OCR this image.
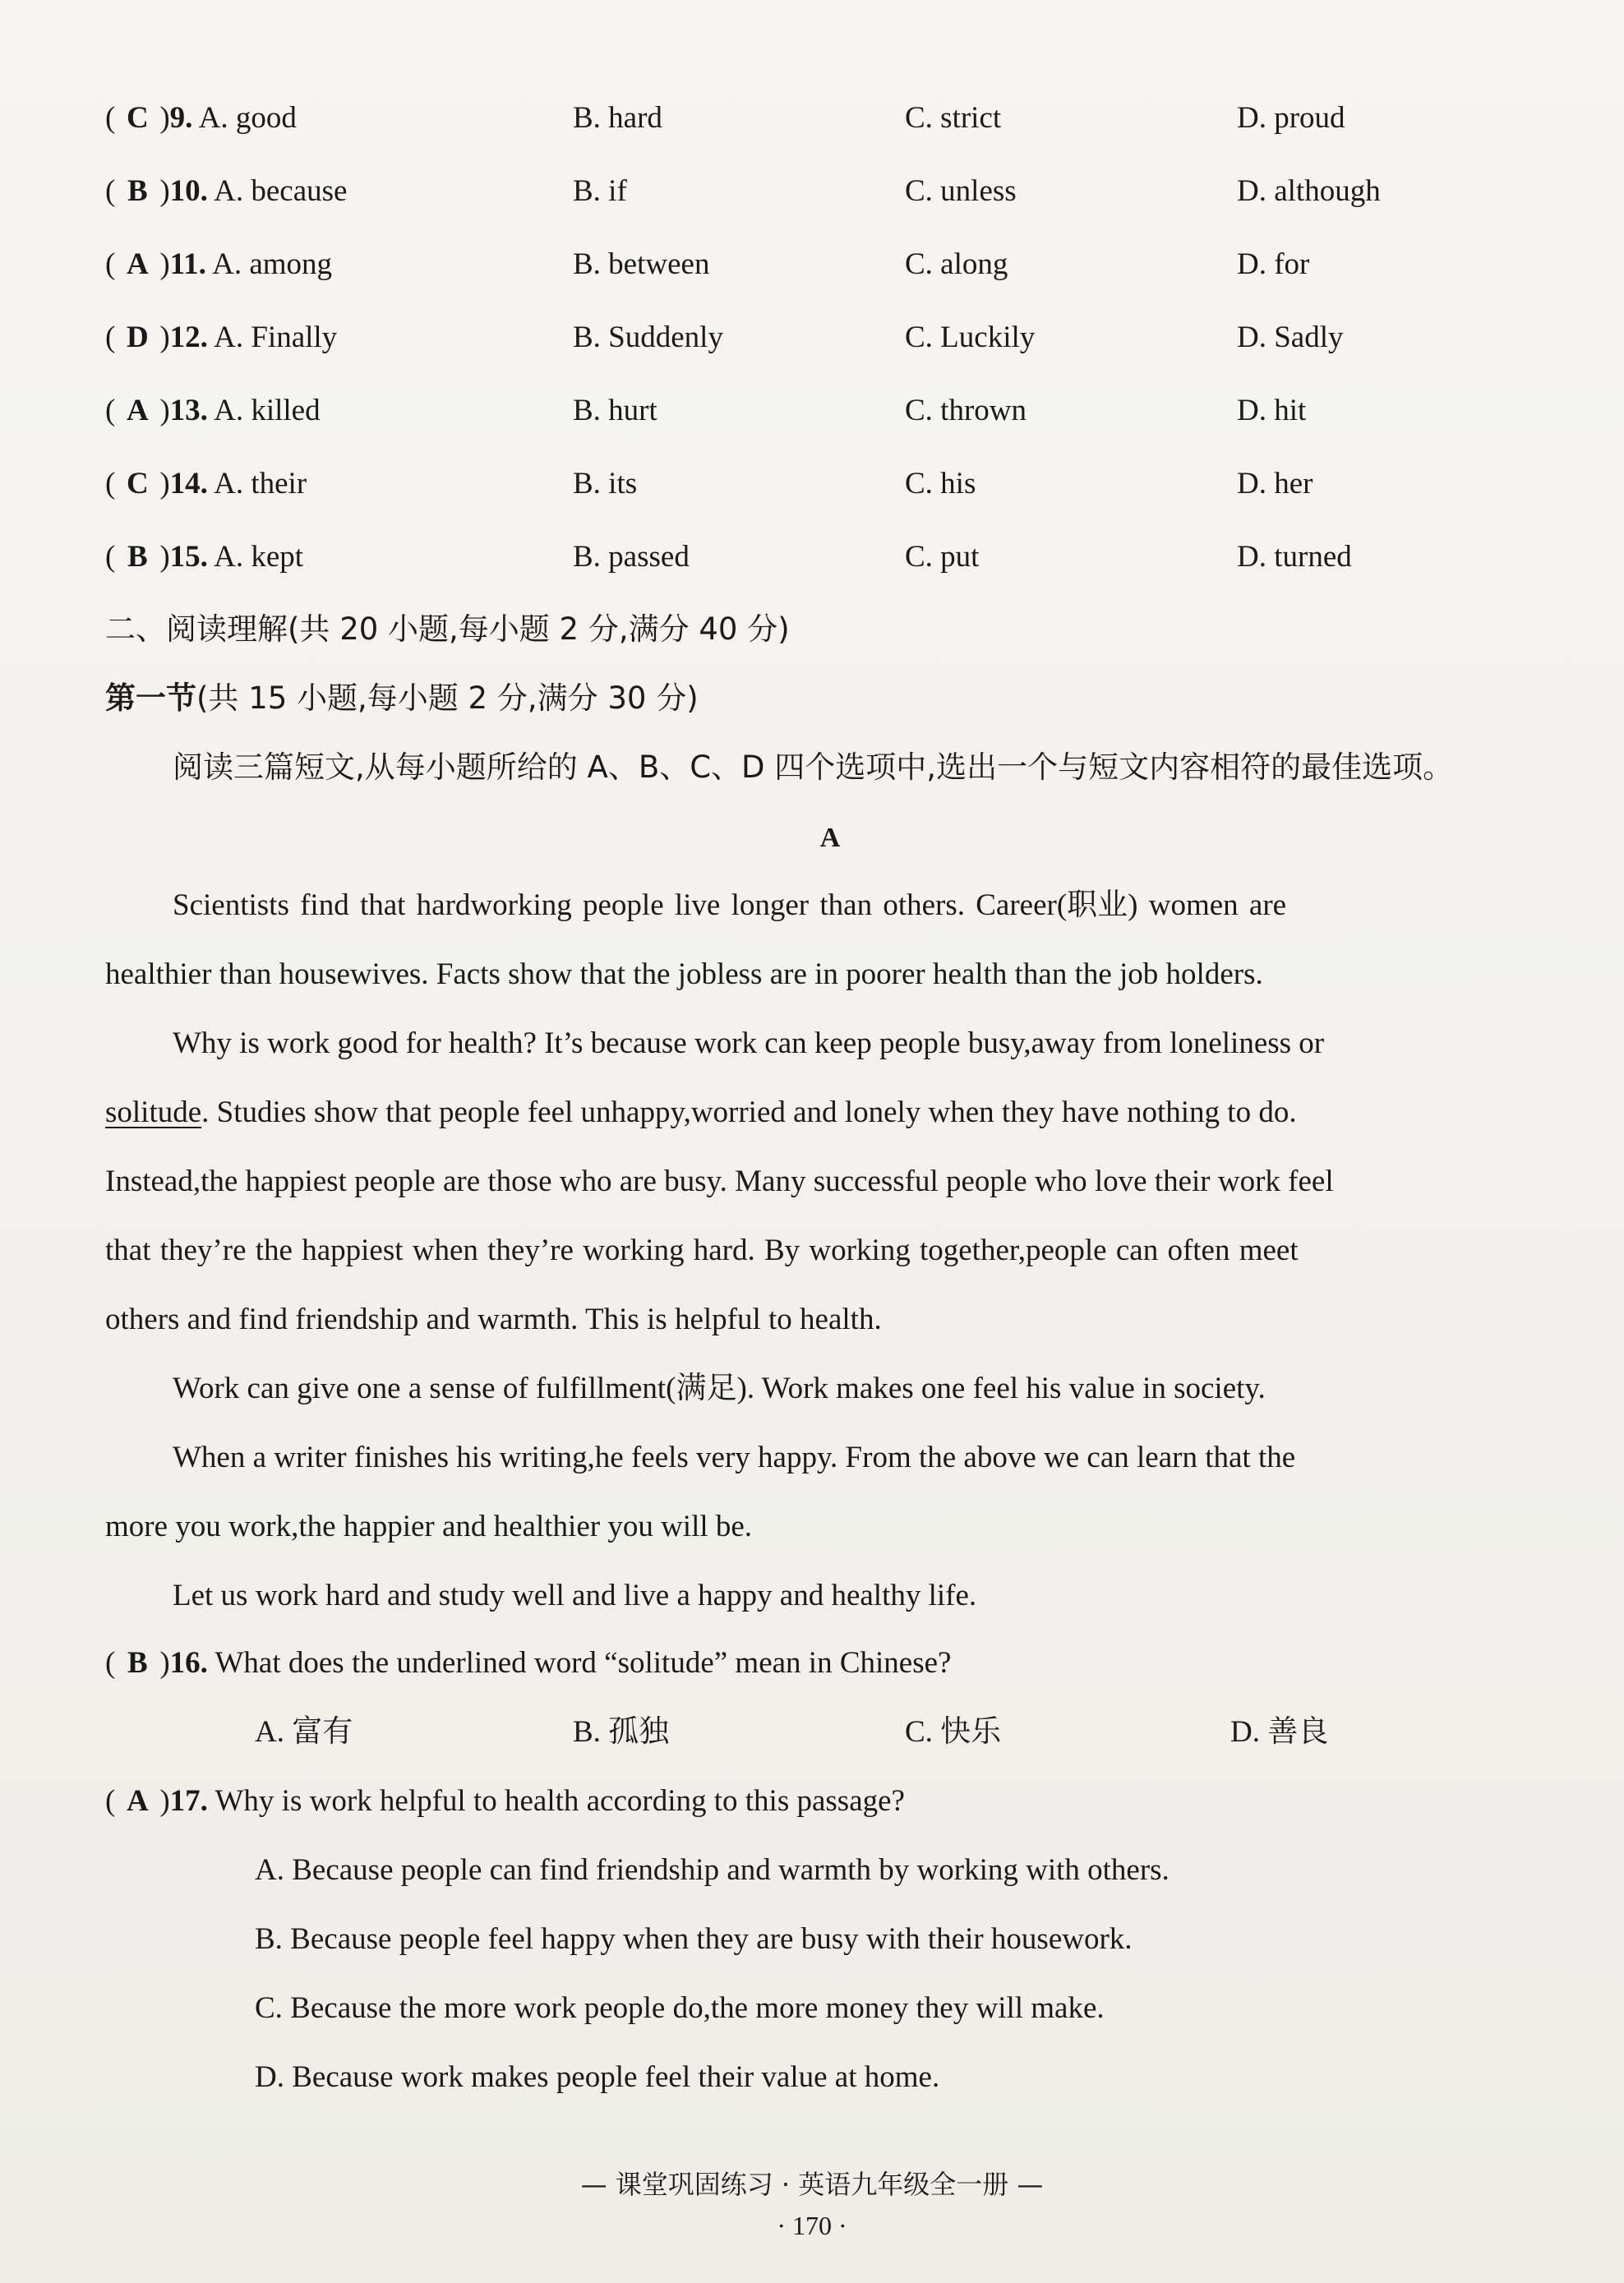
( C )9. A. good	B. hard	C. strict	D. proud
( B )10. A. because	B. if	C. unless	D. although
( A )11. A. among	B. between	C. along	D. for
( D )12. A. Finally	B. Suddenly	C. Luckily	D. Sadly
( A )13. A. killed	B. hurt	C. thrown	D. hit
( C )14. A. their	B. its	C. his	D. her
( B )15. A. kept	B. passed	C. put	D. turned
二、阅读理解(共 20 小题,每小题 2 分,满分 40 分)
第一节(共 15 小题,每小题 2 分,满分 30 分)
阅读三篇短文,从每小题所给的 A、B、C、D 四个选项中,选出一个与短文内容相符的最佳选项。
A
Scientists find that hardworking people live longer than others. Career(职业) women are
healthier than housewives. Facts show that the jobless are in poorer health than the job holders.
Why is work good for health? It’s because work can keep people busy,away from loneliness or
solitude. Studies show that people feel unhappy,worried and lonely when they have nothing to do.
Instead,the happiest people are those who are busy. Many successful people who love their work feel
that they’re the happiest when they’re working hard. By working together,people can often meet
others and find friendship and warmth. This is helpful to health.
Work can give one a sense of fulfillment(满足). Work makes one feel his value in society.
When a writer finishes his writing,he feels very happy. From the above we can learn that the
more you work,the happier and healthier you will be.
Let us work hard and study well and live a happy and healthy life.
( B )16. What does the underlined word “solitude” mean in Chinese?
A. 富有	B. 孤独	C. 快乐	D. 善良
( A )17. Why is work helpful to health according to this passage?
A. Because people can find friendship and warmth by working with others.
B. Because people feel happy when they are busy with their housework.
C. Because the more work people do,the more money they will make.
D. Because work makes people feel their value at home.
— 课堂巩固练习 · 英语九年级全一册 —
· 170 ·
